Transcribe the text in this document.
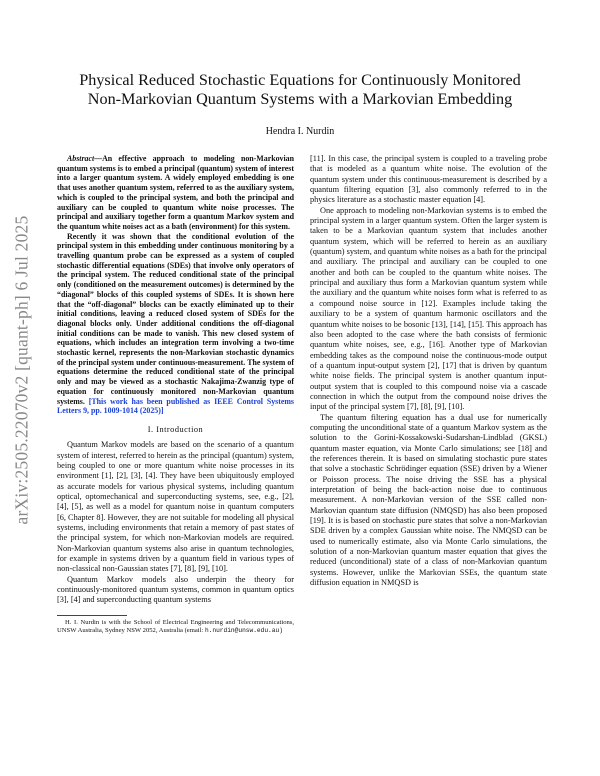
arXiv:2505.22070v2 [quant-ph] 6 Jul 2025
Physical Reduced Stochastic Equations for Continuously Monitored
Non-Markovian Quantum Systems with a Markovian Embedding

Hendra I. Nurdin

Abstract—An effective approach to modeling non-Markovian quantum systems is to embed a principal (quantum) system of interest into a larger quantum system. A widely employed embedding is one that uses another quantum system, referred to as the auxiliary system, which is coupled to the principal system, and both the principal and auxiliary can be coupled to quantum white noise processes. The principal and auxiliary together form a quantum Markov system and the quantum white noises act as a bath (environment) for this system.

Recently it was shown that the conditional evolution of the principal system in this embedding under continuous monitoring by a travelling quantum probe can be expressed as a system of coupled stochastic differential equations (SDEs) that involve only operators of the principal system. The reduced conditional state of the principal only (conditioned on the measurement outcomes) is determined by the “diagonal” blocks of this coupled systems of SDEs. It is shown here that the “off-diagonal” blocks can be exactly eliminated up to their initial conditions, leaving a reduced closed system of SDEs for the diagonal blocks only. Under additional conditions the off-diagonal initial conditions can be made to vanish. This new closed system of equations, which includes an integration term involving a two-time stochastic kernel, represents the non-Markovian stochastic dynamics of the principal system under continuous-measurement. The system of equations determine the reduced conditional state of the principal only and may be viewed as a stochastic Nakajima-Zwanzig type of equation for continuously monitored non-Markovian quantum systems. [This work has been published as IEEE Control Systems Letters 9, pp. 1009-1014 (2025)]

I. Introduction

Quantum Markov models are based on the scenario of a quantum system of interest, referred to herein as the principal (quantum) system, being coupled to one or more quantum white noise processes in its environment [1], [2], [3], [4]. They have been ubiquitously employed as accurate models for various physical systems, including quantum optical, optomechanical and superconducting systems, see, e.g., [2], [4], [5], as well as a model for quantum noise in quantum computers [6, Chapter 8]. However, they are not suitable for modeling all physical systems, including environments that retain a memory of past states of the principal system, for which non-Markovian models are required. Non-Markovian quantum systems also arise in quantum technologies, for example in systems driven by a quantum field in various types of non-classical non-Gaussian states [7], [8], [9], [10].

Quantum Markov models also underpin the theory for continuously-monitored quantum systems, common in quantum optics [3], [4] and superconducting quantum systems

H. I. Nurdin is with the School of Electrical Engineering and Telecommunications, UNSW Australia, Sydney NSW 2052, Australia (email: h.nurdin@unsw.edu.au)

[11]. In this case, the principal system is coupled to a traveling probe that is modeled as a quantum white noise. The evolution of the quantum system under this continuous-measurement is described by a quantum filtering equation [3], also commonly referred to in the physics literature as a stochastic master equation [4].

One approach to modeling non-Markovian systems is to embed the principal system in a larger quantum system. Often the larger system is taken to be a Markovian quantum system that includes another quantum system, which will be referred to herein as an auxiliary (quantum) system, and quantum white noises as a bath for the principal and auxiliary. The principal and auxiliary can be coupled to one another and both can be coupled to the quantum white noises. The principal and auxiliary thus form a Markovian quantum system while the auxiliary and the quantum white noises form what is referred to as a compound noise source in [12]. Examples include taking the auxiliary to be a system of quantum harmonic oscillators and the quantum white noises to be bosonic [13], [14], [15]. This approach has also been adopted to the case where the bath consists of fermionic quantum white noises, see, e.g., [16]. Another type of Markovian embedding takes as the compound noise the continuous-mode output of a quantum input-output system [2], [17] that is driven by quantum white noise fields. The principal system is another quantum input-output system that is coupled to this compound noise via a cascade connection in which the output from the compound noise drives the input of the principal system [7], [8], [9], [10].

The quantum filtering equation has a dual use for numerically computing the unconditional state of a quantum Markov system as the solution to the Gorini-Kossakowski-Sudarshan-Lindblad (GKSL) quantum master equation, via Monte Carlo simulations; see [18] and the references therein. It is based on simulating stochastic pure states that solve a stochastic Schrödinger equation (SSE) driven by a Wiener or Poisson process. The noise driving the SSE has a physical interpretation of being the back-action noise due to continuous measurement. A non-Markovian version of the SSE called non-Markovian quantum state diffusion (NMQSD) has also been proposed [19]. It is is based on stochastic pure states that solve a non-Markovian SDE driven by a complex Gaussian white noise. The NMQSD can be used to numerically estimate, also via Monte Carlo simulations, the solution of a non-Markovian quantum master equation that gives the reduced (unconditional) state of a class of non-Markovian quantum systems. However, unlike the Markovian SSEs, the quantum state diffusion equation in NMQSD is
